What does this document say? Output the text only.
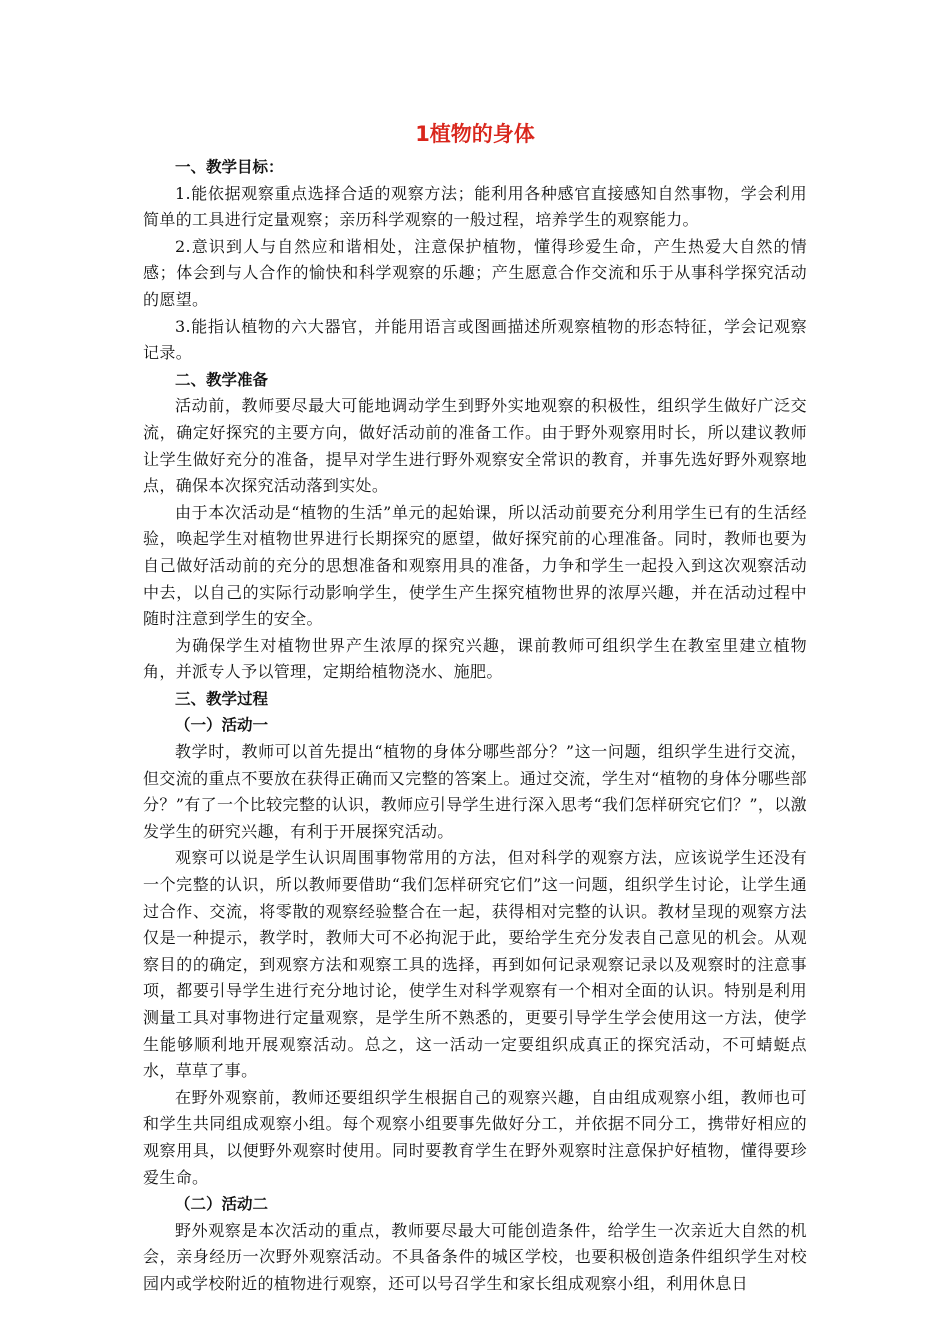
1植物的身体

一、教学目标：

1.能依据观察重点选择合适的观察方法；能利用各种感官直接感知自然事物，学会利用简单的工具进行定量观察；亲历科学观察的一般过程，培养学生的观察能力。

2.意识到人与自然应和谐相处，注意保护植物，懂得珍爱生命，产生热爱大自然的情感；体会到与人合作的愉快和科学观察的乐趣；产生愿意合作交流和乐于从事科学探究活动的愿望。

3.能指认植物的六大器官，并能用语言或图画描述所观察植物的形态特征，学会记观察记录。

二、教学准备

活动前，教师要尽最大可能地调动学生到野外实地观察的积极性，组织学生做好广泛交流，确定好探究的主要方向，做好活动前的准备工作。由于野外观察用时长，所以建议教师让学生做好充分的准备，提早对学生进行野外观察安全常识的教育，并事先选好野外观察地点，确保本次探究活动落到实处。

由于本次活动是“植物的生活”单元的起始课，所以活动前要充分利用学生已有的生活经验，唤起学生对植物世界进行长期探究的愿望，做好探究前的心理准备。同时，教师也要为自己做好活动前的充分的思想准备和观察用具的准备，力争和学生一起投入到这次观察活动中去，以自己的实际行动影响学生，使学生产生探究植物世界的浓厚兴趣，并在活动过程中随时注意到学生的安全。

为确保学生对植物世界产生浓厚的探究兴趣，课前教师可组织学生在教室里建立植物角，并派专人予以管理，定期给植物浇水、施肥。

三、教学过程

（一）活动一

教学时，教师可以首先提出“植物的身体分哪些部分？”这一问题，组织学生进行交流，但交流的重点不要放在获得正确而又完整的答案上。通过交流，学生对“植物的身体分哪些部分？”有了一个比较完整的认识，教师应引导学生进行深入思考“我们怎样研究它们？”，以激发学生的研究兴趣，有利于开展探究活动。

观察可以说是学生认识周围事物常用的方法，但对科学的观察方法，应该说学生还没有一个完整的认识，所以教师要借助“我们怎样研究它们”这一问题，组织学生讨论，让学生通过合作、交流，将零散的观察经验整合在一起，获得相对完整的认识。教材呈现的观察方法仅是一种提示，教学时，教师大可不必拘泥于此，要给学生充分发表自己意见的机会。从观察目的的确定，到观察方法和观察工具的选择，再到如何记录观察记录以及观察时的注意事项，都要引导学生进行充分地讨论，使学生对科学观察有一个相对全面的认识。特别是利用测量工具对事物进行定量观察，是学生所不熟悉的，更要引导学生学会使用这一方法，使学生能够顺利地开展观察活动。总之，这一活动一定要组织成真正的探究活动，不可蜻蜓点水，草草了事。

在野外观察前，教师还要组织学生根据自己的观察兴趣，自由组成观察小组，教师也可和学生共同组成观察小组。每个观察小组要事先做好分工，并依据不同分工，携带好相应的观察用具，以便野外观察时使用。同时要教育学生在野外观察时注意保护好植物，懂得要珍爱生命。

（二）活动二

野外观察是本次活动的重点，教师要尽最大可能创造条件，给学生一次亲近大自然的机会，亲身经历一次野外观察活动。不具备条件的城区学校，也要积极创造条件组织学生对校园内或学校附近的植物进行观察，还可以号召学生和家长组成观察小组，利用休息日
